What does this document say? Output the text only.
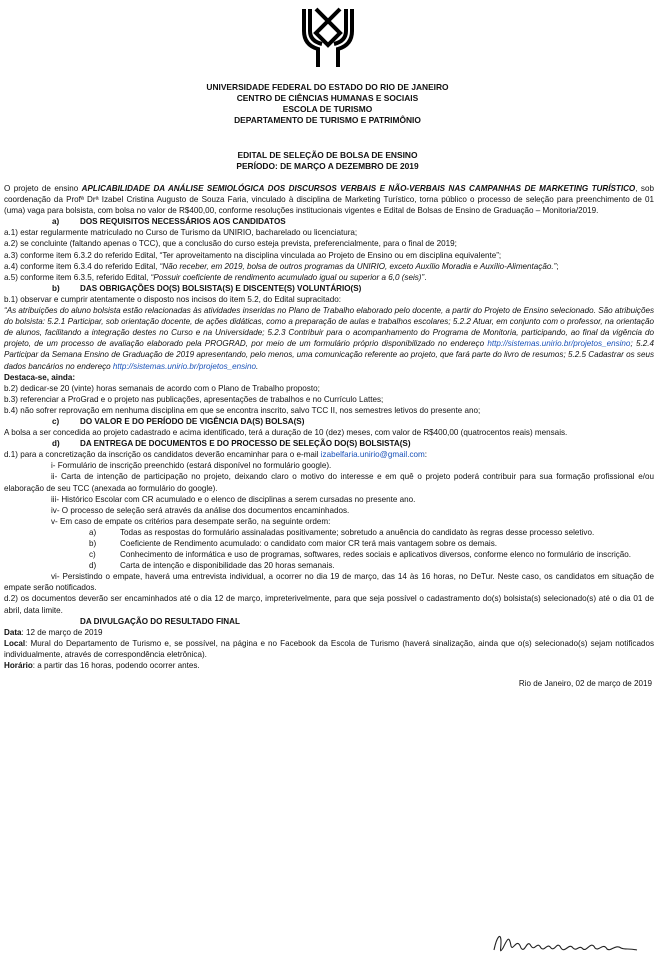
UNIVERSIDADE FEDERAL DO ESTADO DO RIO DE JANEIRO
CENTRO DE CIÊNCIAS HUMANAS E SOCIAIS
ESCOLA DE TURISMO
DEPARTAMENTO DE TURISMO E PATRIMÔNIO
EDITAL DE SELEÇÃO DE BOLSA DE ENSINO
PERÍODO: DE MARÇO A DEZEMBRO DE 2019

O projeto de ensino APLICABILIDADE DA ANÁLISE SEMIOLÓGICA DOS DISCURSOS VERBAIS E NÃO-VERBAIS NAS CAMPANHAS DE MARKETING TURÍSTICO, sob coordenação da Profª Drª Izabel Cristina Augusto de Souza Faria, vinculado à disciplina de Marketing Turístico, torna público o processo de seleção para preenchimento de 01 (uma) vaga para bolsista, com bolsa no valor de R$400,00, conforme resoluções institucionais vigentes e Edital de Bolsas de Ensino de Graduação – Monitoria/2019.

a)	DOS REQUISITOS NECESSÁRIOS AOS CANDIDATOS

a.1) estar regularmente matriculado no Curso de Turismo da UNIRIO, bacharelado ou licenciatura;

a.2) se concluinte (faltando apenas o TCC), que a conclusão do curso esteja prevista, preferencialmente, para o final de 2019;

a.3) conforme item 6.3.2 do referido Edital, “Ter aproveitamento na disciplina vinculada ao Projeto de Ensino ou em disciplina equivalente”;

a.4) conforme item 6.3.4 do referido Edital, “Não receber, em 2019, bolsa de outros programas da UNIRIO, exceto Auxílio Moradia e Auxílio-Alimentação.”;

a.5) conforme item 6.3.5, referido Edital, “Possuir coeficiente de rendimento acumulado igual ou superior a 6,0 (seis)”.

b)	DAS OBRIGAÇÕES DO(S) BOLSISTA(S) E DISCENTE(S) VOLUNTÁRIO(S)

b.1) observar e cumprir atentamente o disposto nos incisos do item 5.2, do Edital supracitado:

“As atribuições do aluno bolsista estão relacionadas às atividades inseridas no Plano de Trabalho elaborado pelo docente, a partir do Projeto de Ensino selecionado. São atribuições do bolsista: 5.2.1 Participar, sob orientação docente, de ações didáticas, como a preparação de aulas e trabalhos escolares; 5.2.2 Atuar, em conjunto com o professor, na orientação de alunos, facilitando a integração destes no Curso e na Universidade; 5.2.3 Contribuir para o acompanhamento do Programa de Monitoria, participando, ao final da vigência do projeto, de um processo de avaliação elaborado pela PROGRAD, por meio de um formulário próprio disponibilizado no endereço http://sistemas.unirio.br/projetos_ensino; 5.2.4 Participar da Semana Ensino de Graduação de 2019 apresentando, pelo menos, uma comunicação referente ao projeto, que fará parte do livro de resumos; 5.2.5 Cadastrar os seus dados bancários no endereço http://sistemas.unirio.br/projetos_ensino.

Destaca-se, ainda:

b.2) dedicar-se 20 (vinte) horas semanais de acordo com o Plano de Trabalho proposto;

b.3) referenciar a ProGrad e o projeto nas publicações, apresentações de trabalhos e no Currículo Lattes;

b.4) não sofrer reprovação em nenhuma disciplina em que se encontra inscrito, salvo TCC II, nos semestres letivos do presente ano;

c)	DO VALOR E DO PERÍODO DE VIGÊNCIA DA(S) BOLSA(S)

A bolsa a ser concedida ao projeto cadastrado e acima identificado, terá a duração de 10 (dez) meses, com valor de R$400,00 (quatrocentos reais) mensais.

d)	DA ENTREGA DE DOCUMENTOS E DO PROCESSO DE SELEÇÃO DO(S) BOLSISTA(S)

d.1) para a concretização da inscrição os candidatos deverão encaminhar para o e-mail izabelfaria.unirio@gmail.com:

i- Formulário de inscrição preenchido (estará disponível no formulário google).

ii- Carta de intenção de participação no projeto, deixando claro o motivo do interesse e em quê o projeto poderá contribuir para sua formação profissional e/ou elaboração de seu TCC (anexada ao formulário do google).

iii- Histórico Escolar com CR acumulado e o elenco de disciplinas a serem cursadas no presente ano.

iv- O processo de seleção será através da análise dos documentos encaminhados.

v- Em caso de empate os critérios para desempate serão, na seguinte ordem:

a)	Todas as respostas do formulário assinaladas positivamente; sobretudo a anuência do candidato às regras desse processo seletivo.

b)	Coeficiente de Rendimento acumulado: o candidato com maior CR terá mais vantagem sobre os demais.

c)	Conhecimento de informática e uso de programas, softwares, redes sociais e aplicativos diversos, conforme elenco no formulário de inscrição.

d)	Carta de intenção e disponibilidade das 20 horas semanais.

vi- Persistindo o empate, haverá uma entrevista individual, a ocorrer no dia 19 de março, das 14 às 16 horas, no DeTur. Neste caso, os candidatos em situação de empate serão notificados.

d.2) os documentos deverão ser encaminhados até o dia 12 de março, impreterivelmente, para que seja possível o cadastramento do(s) bolsista(s) selecionado(s) até o dia 01 de abril, data limite.

DA DIVULGAÇÃO DO RESULTADO FINAL

Data: 12 de março de 2019

Local: Mural do Departamento de Turismo e, se possível, na página e no Facebook da Escola de Turismo (haverá sinalização, ainda que o(s) selecionado(s) sejam notificados individualmente, através de correspondência eletrônica).

Horário: a partir das 16 horas, podendo ocorrer antes.

Rio de Janeiro, 02 de março de 2019
